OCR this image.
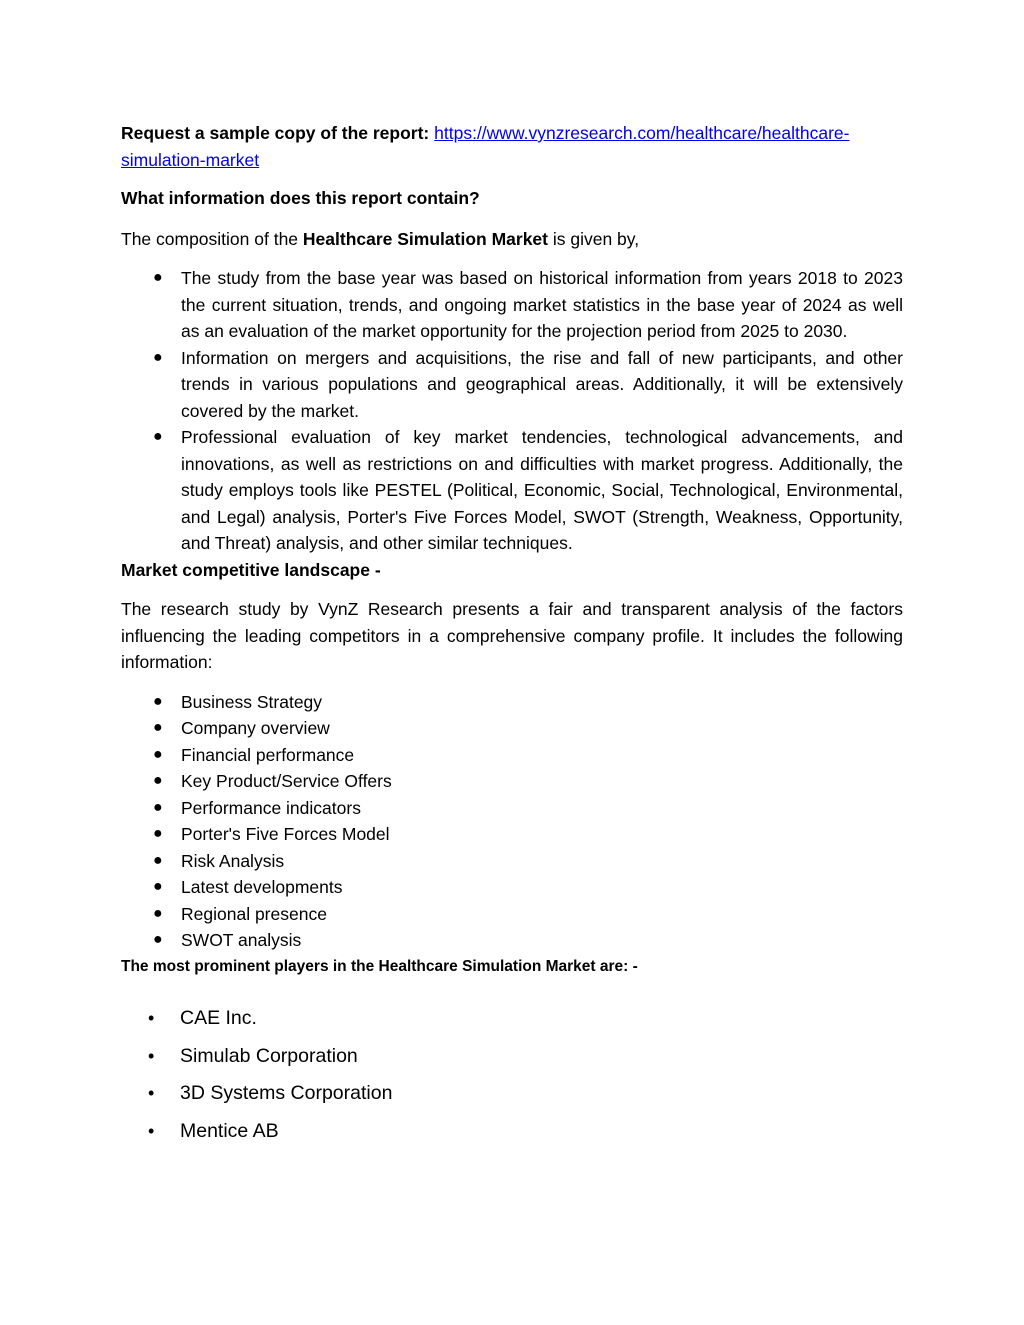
Request a sample copy of the report: https://www.vynzresearch.com/healthcare/healthcare-simulation-market

What information does this report contain?

The composition of the Healthcare Simulation Market is given by,

● The study from the base year was based on historical information from years 2018 to 2023 the current situation, trends, and ongoing market statistics in the base year of 2024 as well as an evaluation of the market opportunity for the projection period from 2025 to 2030.
● Information on mergers and acquisitions, the rise and fall of new participants, and other trends in various populations and geographical areas. Additionally, it will be extensively covered by the market.
● Professional evaluation of key market tendencies, technological advancements, and innovations, as well as restrictions on and difficulties with market progress. Additionally, the study employs tools like PESTEL (Political, Economic, Social, Technological, Environmental, and Legal) analysis, Porter's Five Forces Model, SWOT (Strength, Weakness, Opportunity, and Threat) analysis, and other similar techniques.

Market competitive landscape -

The research study by VynZ Research presents a fair and transparent analysis of the factors influencing the leading competitors in a comprehensive company profile. It includes the following information:

● Business Strategy
● Company overview
● Financial performance
● Key Product/Service Offers
● Performance indicators
● Porter's Five Forces Model
● Risk Analysis
● Latest developments
● Regional presence
● SWOT analysis

The most prominent players in the Healthcare Simulation Market are: -

• CAE Inc.
• Simulab Corporation
• 3D Systems Corporation
• Mentice AB
